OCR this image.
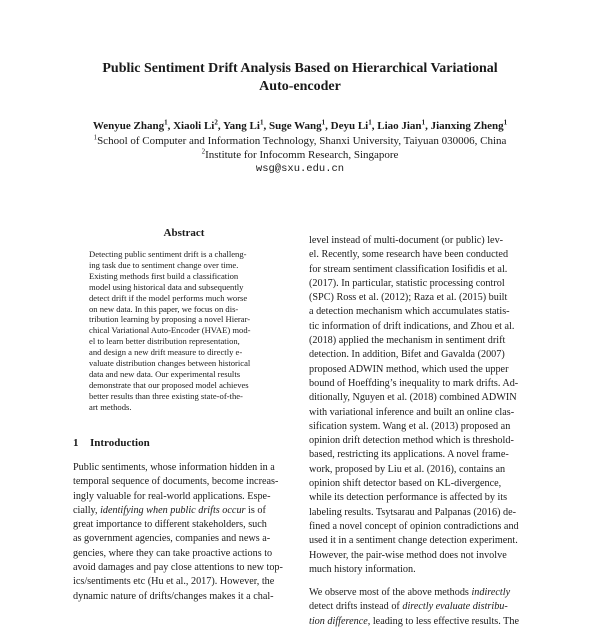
Public Sentiment Drift Analysis Based on Hierarchical Variational
Auto-encoder
Wenyue Zhang$^1$, Xiaoli Li$^2$, Yang Li$^1$, Suge Wang$^1$, Deyu Li$^1$, Liao Jian$^1$, Jianxing Zheng$^1$
$^1$School of Computer and Information Technology, Shanxi University, Taiyuan 030006, China
$^2$Institute for Infocomm Research, Singapore
wsg@sxu.edu.cn
Abstract
Detecting public sentiment drift is a challeng-
ing task due to sentiment change over time.
Existing methods first build a classification
model using historical data and subsequently
detect drift if the model performs much worse
on new data. In this paper, we focus on dis-
tribution learning by proposing a novel Hierar-
chical Variational Auto-Encoder (HVAE) mod-
el to learn better distribution representation,
and design a new drift measure to directly e-
valuate distribution changes between historical
data and new data. Our experimental results
demonstrate that our proposed model achieves
better results than three existing state-of-the-
art methods.
1 Introduction
Public sentiments, whose information hidden in a
temporal sequence of documents, become increas-
ingly valuable for real-world applications. Espe-
cially, identifying when public drifts occur is of
great importance to different stakeholders, such
as government agencies, companies and news a-
gencies, where they can take proactive actions to
avoid damages and pay close attentions to new top-
ics/sentiments etc (Hu et al., 2017). However, the
dynamic nature of drifts/changes makes it a chal-
level instead of multi-document (or public) lev-
el. Recently, some research have been conducted
for stream sentiment classification Iosifidis et al.
(2017). In particular, statistic processing control
(SPC) Ross et al. (2012); Raza et al. (2015) built
a detection mechanism which accumulates statis-
tic information of drift indications, and Zhou et al.
(2018) applied the mechanism in sentiment drift
detection. In addition, Bifet and Gavalda (2007)
proposed ADWIN method, which used the upper
bound of Hoeffding’s inequality to mark drifts. Ad-
ditionally, Nguyen et al. (2018) combined ADWIN
with variational inference and built an online clas-
sification system. Wang et al. (2013) proposed an
opinion drift detection method which is threshold-
based, restricting its applications. A novel frame-
work, proposed by Liu et al. (2016), contains an
opinion shift detector based on KL-divergence,
while its detection performance is affected by its
labeling results. Tsytsarau and Palpanas (2016) de-
fined a novel concept of opinion contradictions and
used it in a sentiment change detection experiment.
However, the pair-wise method does not involve
much history information.
We observe most of the above methods indirectly
detect drifts instead of directly evaluate distribu-
tion difference, leading to less effective results. The
